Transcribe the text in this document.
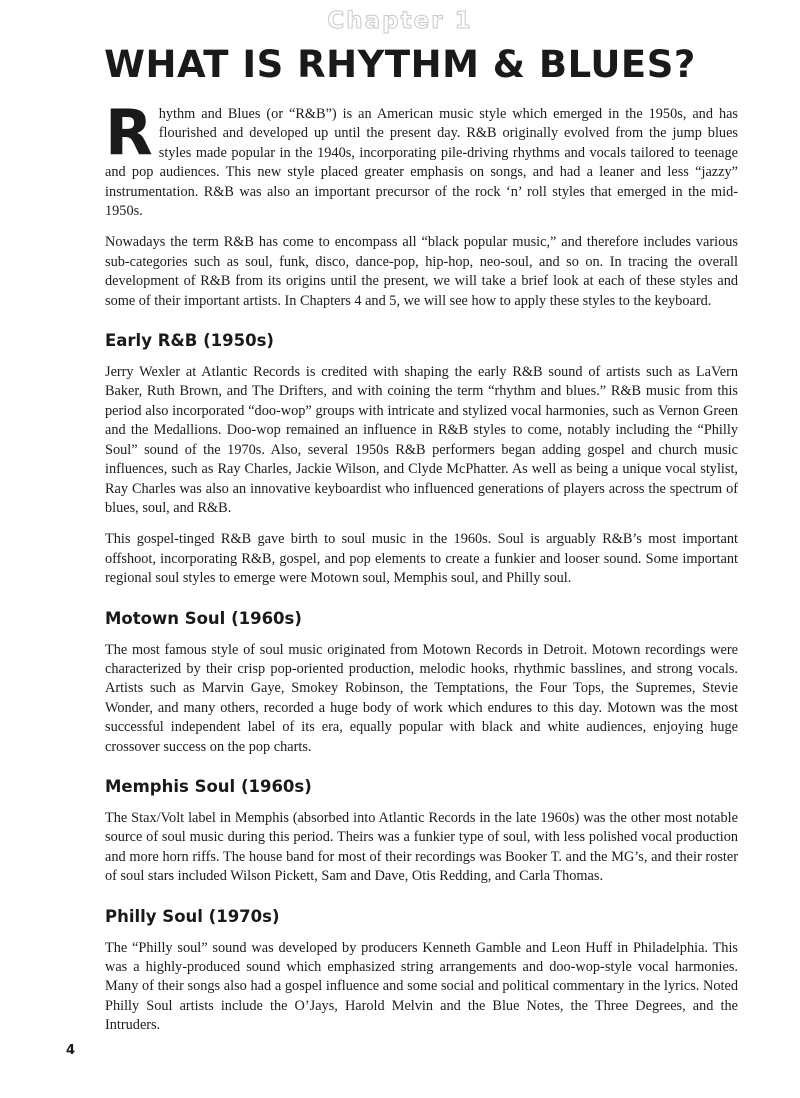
Chapter 1
WHAT IS RHYTHM & BLUES?

Rhythm and Blues (or “R&B”) is an American music style which emerged in the 1950s, and has flourished and developed up until the present day. R&B originally evolved from the jump blues styles made popular in the 1940s, incorporating pile-driving rhythms and vocals tailored to teenage and pop audiences. This new style placed greater emphasis on songs, and had a leaner and less “jazzy” instrumentation. R&B was also an important precursor of the rock ‘n’ roll styles that emerged in the mid-1950s.

Nowadays the term R&B has come to encompass all “black popular music,” and therefore includes various sub-categories such as soul, funk, disco, dance-pop, hip-hop, neo-soul, and so on. In tracing the overall development of R&B from its origins until the present, we will take a brief look at each of these styles and some of their important artists. In Chapters 4 and 5, we will see how to apply these styles to the keyboard.

Early R&B (1950s)

Jerry Wexler at Atlantic Records is credited with shaping the early R&B sound of artists such as LaVern Baker, Ruth Brown, and The Drifters, and with coining the term “rhythm and blues.” R&B music from this period also incorporated “doo-wop” groups with intricate and stylized vocal harmonies, such as Vernon Green and the Medallions. Doo-wop remained an influence in R&B styles to come, notably including the “Philly Soul” sound of the 1970s. Also, several 1950s R&B performers began adding gospel and church music influences, such as Ray Charles, Jackie Wilson, and Clyde McPhatter. As well as being a unique vocal stylist, Ray Charles was also an innovative keyboardist who influenced generations of players across the spectrum of blues, soul, and R&B.

This gospel-tinged R&B gave birth to soul music in the 1960s. Soul is arguably R&B’s most important offshoot, incorporating R&B, gospel, and pop elements to create a funkier and looser sound. Some important regional soul styles to emerge were Motown soul, Memphis soul, and Philly soul.

Motown Soul (1960s)

The most famous style of soul music originated from Motown Records in Detroit. Motown recordings were characterized by their crisp pop-oriented production, melodic hooks, rhythmic basslines, and strong vocals. Artists such as Marvin Gaye, Smokey Robinson, the Temptations, the Four Tops, the Supremes, Stevie Wonder, and many others, recorded a huge body of work which endures to this day. Motown was the most successful independent label of its era, equally popular with black and white audiences, enjoying huge crossover success on the pop charts.

Memphis Soul (1960s)

The Stax/Volt label in Memphis (absorbed into Atlantic Records in the late 1960s) was the other most notable source of soul music during this period. Theirs was a funkier type of soul, with less polished vocal production and more horn riffs. The house band for most of their recordings was Booker T. and the MG’s, and their roster of soul stars included Wilson Pickett, Sam and Dave, Otis Redding, and Carla Thomas.

Philly Soul (1970s)

The “Philly soul” sound was developed by producers Kenneth Gamble and Leon Huff in Philadelphia. This was a highly-produced sound which emphasized string arrangements and doo-wop-style vocal harmonies. Many of their songs also had a gospel influence and some social and political commentary in the lyrics. Noted Philly Soul artists include the O’Jays, Harold Melvin and the Blue Notes, the Three Degrees, and the Intruders.

4
